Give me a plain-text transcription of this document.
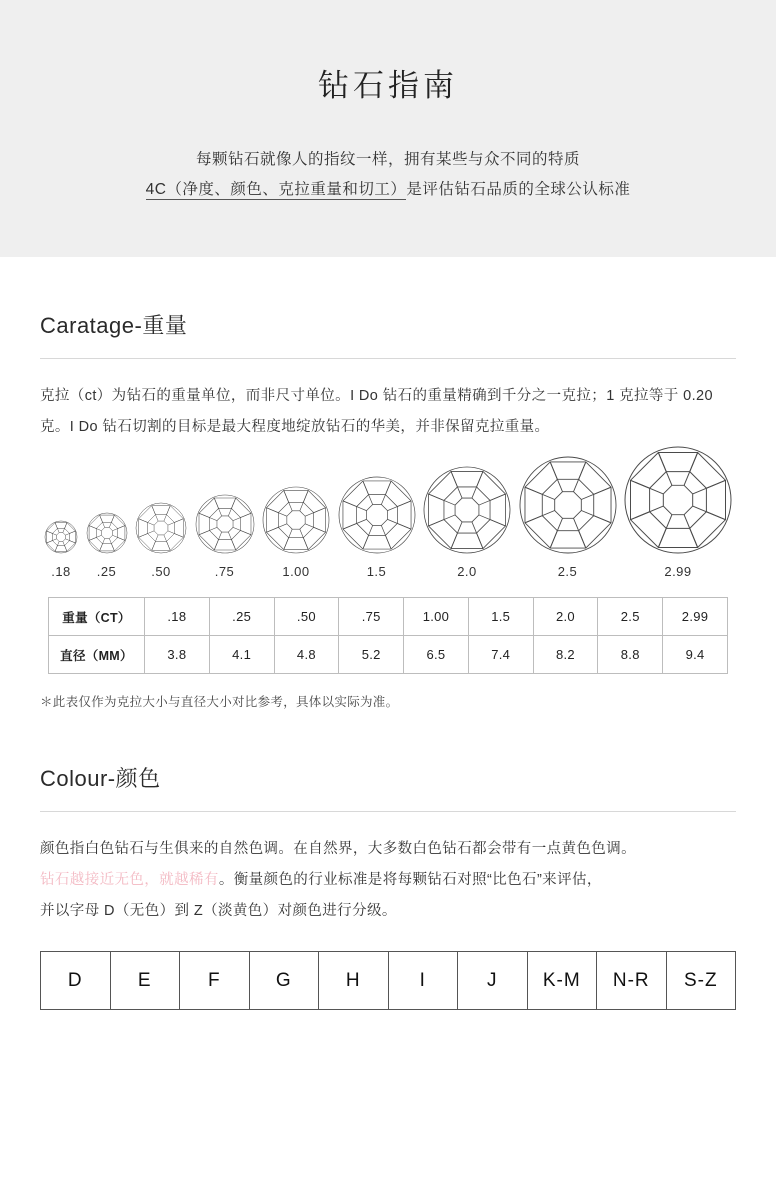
钻石指南
每颗钻石就像人的指纹一样，拥有某些与众不同的特质
4C（净度、颜色、克拉重量和切工）是评估钻石品质的全球公认标准
Caratage-重量

克拉（ct）为钻石的重量单位，而非尺寸单位。I Do 钻石的重量精确到千分之一克拉；1 克拉等于 0.20 克。I Do 钻石切割的目标是最大程度地绽放钻石的华美，并非保留克拉重量。

.18	.25	.50	.75	1.00	1.5	2.0	2.5	2.99
重量（CT）	.18	.25	.50	.75	1.00	1.5	2.0	2.5	2.99
直径（MM）	3.8	4.1	4.8	5.2	6.5	7.4	8.2	8.8	9.4
＊此表仅作为克拉大小与直径大小对比参考，具体以实际为准。
Colour-颜色

颜色指白色钻石与生俱来的自然色调。在自然界，大多数白色钻石都会带有一点黄色色调。
钻石越接近无色，就越稀有。衡量颜色的行业标准是将每颗钻石对照“比色石”来评估，
并以字母 D（无色）到 Z（淡黄色）对颜色进行分级。

D	E	F	G	H	I	J	K-M	N-R	S-Z
